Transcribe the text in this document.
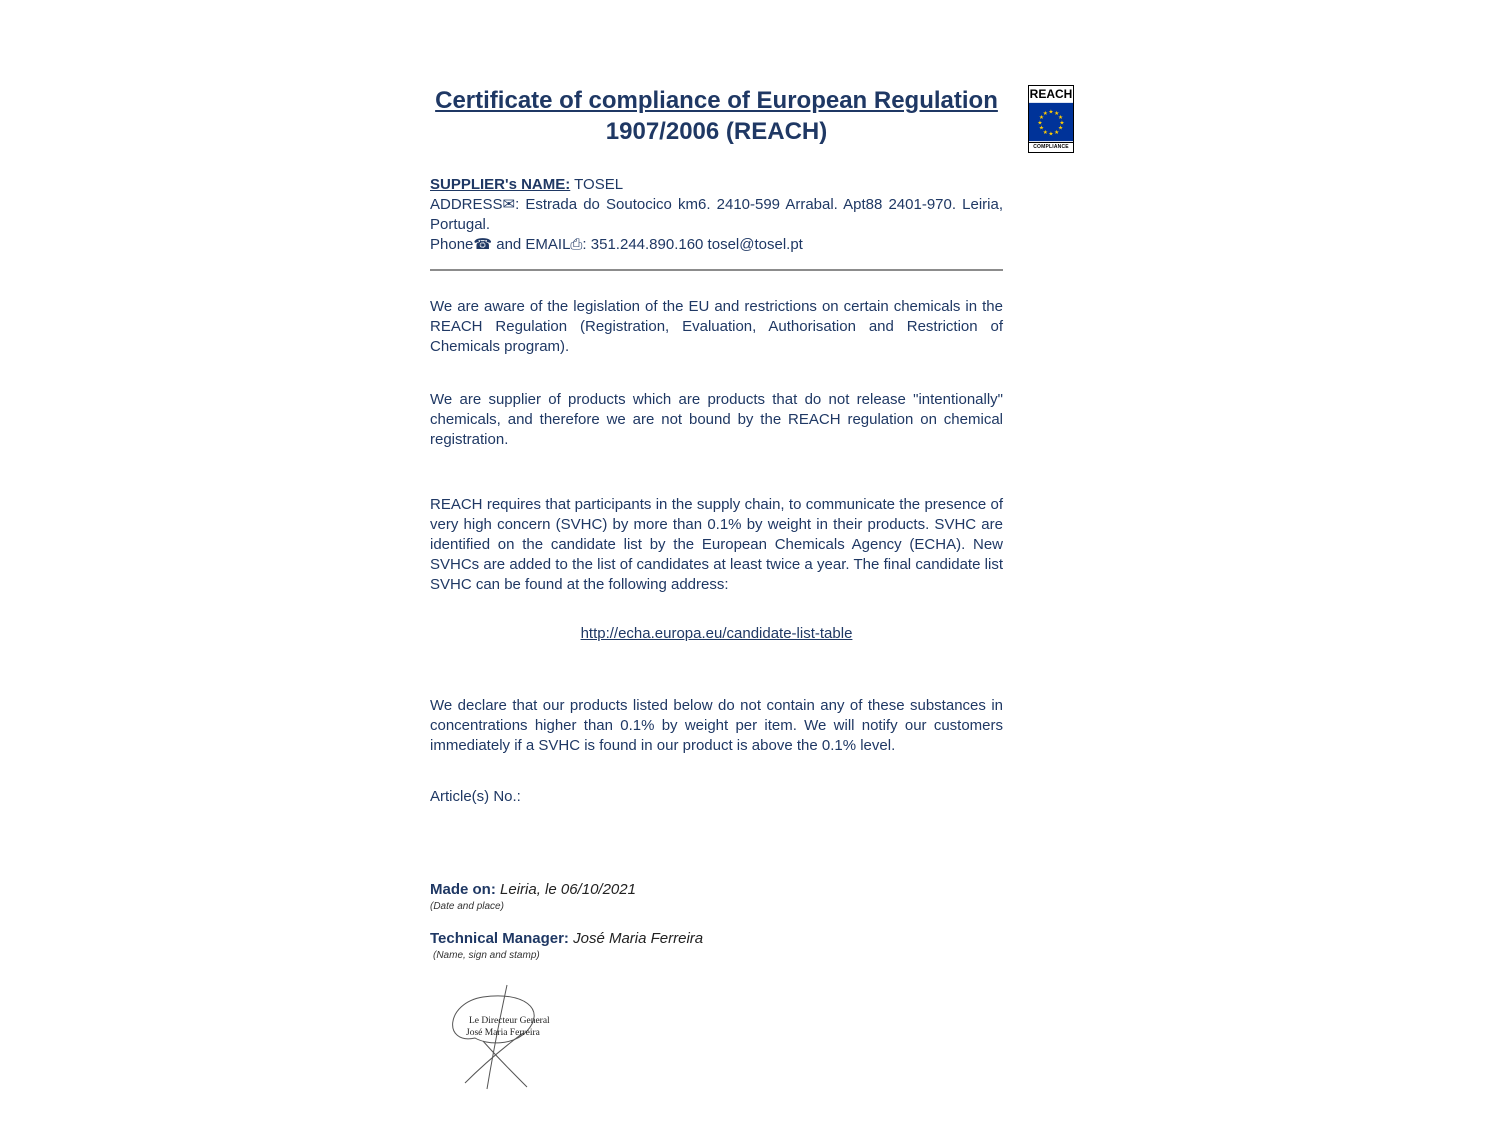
REACH
★ ★
★
★
★
★
★
★
★
★
★
★
COMPLIANCE
Certificate of compliance of European Regulation
1907/2006 (REACH)
SUPPLIER's NAME: TOSEL
ADDRESS✉: Estrada do Soutocico km6. 2410-599 Arrabal. Apt88 2401-970. Leiria, Portugal.
Phone☎ and EMAIL⎙: 351.244.890.160 tosel@tosel.pt

We are aware of the legislation of the EU and restrictions on certain chemicals in the REACH Regulation (Registration, Evaluation, Authorisation and Restriction of Chemicals program).

We are supplier of products which are products that do not release "intentionally" chemicals, and therefore we are not bound by the REACH regulation on chemical registration.

REACH requires that participants in the supply chain, to communicate the presence of very high concern (SVHC) by more than 0.1% by weight in their products. SVHC are identified on the candidate list by the European Chemicals Agency (ECHA). New SVHCs are added to the list of candidates at least twice a year. The final candidate list SVHC can be found at the following address:

http://echa.europa.eu/candidate-list-table

We declare that our products listed below do not contain any of these substances in concentrations higher than 0.1% by weight per item. We will notify our customers immediately if a SVHC is found in our product is above the 0.1% level.

Article(s) No.:
Made on: Leiria, le 06/10/2021
(Date and place)
Technical Manager: José Maria Ferreira
(Name, sign and stamp)
Le Directeur General
José Maria Ferreira
